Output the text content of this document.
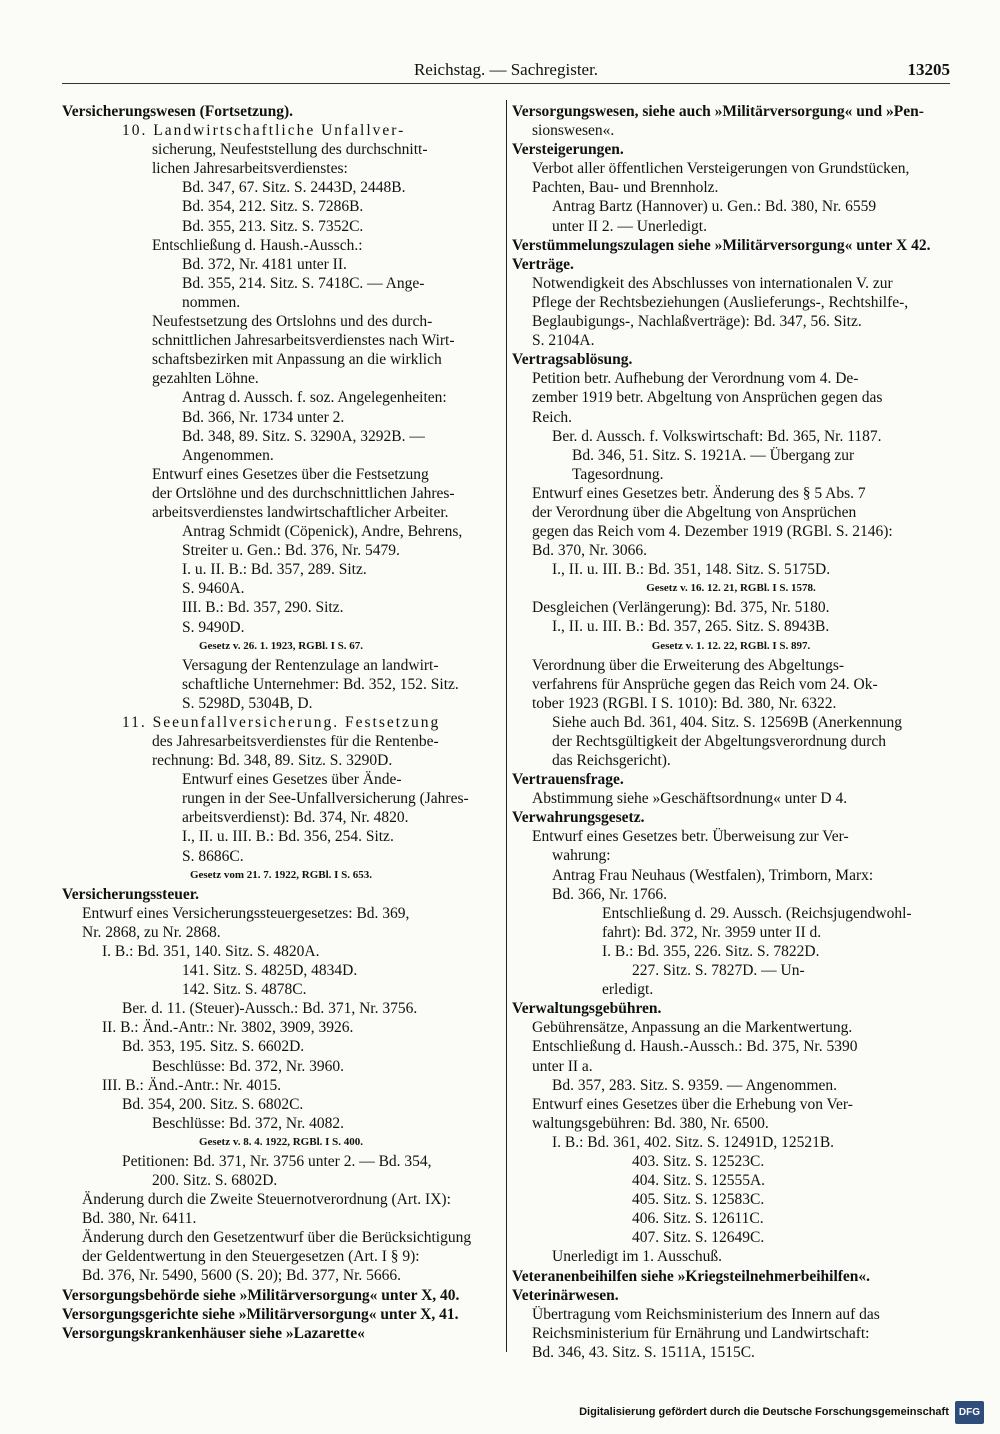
Reichstag. — Sachregister.	13205
Versicherungswesen (Fortsetzung).
10. Landwirtschaftliche Unfallver-
sicherung, Neufeststellung des durchschnitt-
lichen Jahresarbeitsverdienstes:
Bd. 347, 67. Sitz. S. 2443D, 2448B.
Bd. 354, 212. Sitz. S. 7286B.
Bd. 355, 213. Sitz. S. 7352C.
Entschließung d. Haush.-Aussch.:
Bd. 372, Nr. 4181 unter II.
Bd. 355, 214. Sitz. S. 7418C. — Ange-
nommen.
Neufestsetzung des Ortslohns und des durch-
schnittlichen Jahresarbeitsverdienstes nach Wirt-
schaftsbezirken mit Anpassung an die wirklich
gezahlten Löhne.
Antrag d. Aussch. f. soz. Angelegenheiten:
Bd. 366, Nr. 1734 unter 2.
Bd. 348, 89. Sitz. S. 3290A, 3292B. —
Angenommen.
Entwurf eines Gesetzes über die Festsetzung
der Ortslöhne und des durchschnittlichen Jahres-
arbeitsverdienstes landwirtschaftlicher Arbeiter.
Antrag Schmidt (Cöpenick), Andre, Behrens,
Streiter u. Gen.: Bd. 376, Nr. 5479.
I. u. II. B.: Bd. 357, 289. Sitz.
S. 9460A.
III. B.: Bd. 357, 290. Sitz.
S. 9490D.
Gesetz v. 26. 1. 1923, RGBl. I S. 67.
Versagung der Rentenzulage an landwirt-
schaftliche Unternehmer: Bd. 352, 152. Sitz.
S. 5298D, 5304B, D.
11. Seeunfallversicherung. Festsetzung
des Jahresarbeitsverdienstes für die Rentenbe-
rechnung: Bd. 348, 89. Sitz. S. 3290D.
Entwurf eines Gesetzes über Ände-
rungen in der See-Unfallversicherung (Jahres-
arbeitsverdienst): Bd. 374, Nr. 4820.
I., II. u. III. B.: Bd. 356, 254. Sitz.
S. 8686C.
Gesetz vom 21. 7. 1922, RGBl. I S. 653.
Versicherungssteuer.
Entwurf eines Versicherungssteuergesetzes: Bd. 369,
Nr. 2868, zu Nr. 2868.
I. B.: Bd. 351, 140. Sitz. S. 4820A.
141. Sitz. S. 4825D, 4834D.
142. Sitz. S. 4878C.
Ber. d. 11. (Steuer)-Aussch.: Bd. 371, Nr. 3756.
II. B.: Änd.-Antr.: Nr. 3802, 3909, 3926.
Bd. 353, 195. Sitz. S. 6602D.
Beschlüsse: Bd. 372, Nr. 3960.
III. B.: Änd.-Antr.: Nr. 4015.
Bd. 354, 200. Sitz. S. 6802C.
Beschlüsse: Bd. 372, Nr. 4082.
Gesetz v. 8. 4. 1922, RGBl. I S. 400.
Petitionen: Bd. 371, Nr. 3756 unter 2. — Bd. 354,
200. Sitz. S. 6802D.
Änderung durch die Zweite Steuernotverordnung (Art. IX):
Bd. 380, Nr. 6411.
Änderung durch den Gesetzentwurf über die Berücksichtigung
der Geldentwertung in den Steuergesetzen (Art. I § 9):
Bd. 376, Nr. 5490, 5600 (S. 20); Bd. 377, Nr. 5666.
Versorgungsbehörde siehe »Militärversorgung« unter X, 40.
Versorgungsgerichte siehe »Militärversorgung« unter X, 41.
Versorgungskrankenhäuser siehe »Lazarette«
Versorgungswesen, siehe auch »Militärversorgung« und »Pen-
sionswesen«.
Versteigerungen.
Verbot aller öffentlichen Versteigerungen von Grundstücken,
Pachten, Bau- und Brennholz.
Antrag Bartz (Hannover) u. Gen.: Bd. 380, Nr. 6559
unter II 2. — Unerledigt.
Verstümmelungszulagen siehe »Militärversorgung« unter X 42.
Verträge.
Notwendigkeit des Abschlusses von internationalen V. zur
Pflege der Rechtsbeziehungen (Auslieferungs-, Rechtshilfe-,
Beglaubigungs-, Nachlaßverträge): Bd. 347, 56. Sitz.
S. 2104A.
Vertragsablösung.
Petition betr. Aufhebung der Verordnung vom 4. De-
zember 1919 betr. Abgeltung von Ansprüchen gegen das
Reich.
Ber. d. Aussch. f. Volkswirtschaft: Bd. 365, Nr. 1187.
Bd. 346, 51. Sitz. S. 1921A. — Übergang zur
Tagesordnung.
Entwurf eines Gesetzes betr. Änderung des § 5 Abs. 7
der Verordnung über die Abgeltung von Ansprüchen
gegen das Reich vom 4. Dezember 1919 (RGBl. S. 2146):
Bd. 370, Nr. 3066.
I., II. u. III. B.: Bd. 351, 148. Sitz. S. 5175D.
Gesetz v. 16. 12. 21, RGBl. I S. 1578.
Desgleichen (Verlängerung): Bd. 375, Nr. 5180.
I., II. u. III. B.: Bd. 357, 265. Sitz. S. 8943B.
Gesetz v. 1. 12. 22, RGBl. I S. 897.
Verordnung über die Erweiterung des Abgeltungs-
verfahrens für Ansprüche gegen das Reich vom 24. Ok-
tober 1923 (RGBl. I S. 1010): Bd. 380, Nr. 6322.
Siehe auch Bd. 361, 404. Sitz. S. 12569B (Anerkennung
der Rechtsgültigkeit der Abgeltungsverordnung durch
das Reichsgericht).
Vertrauensfrage.
Abstimmung siehe »Geschäftsordnung« unter D 4.
Verwahrungsgesetz.
Entwurf eines Gesetzes betr. Überweisung zur Ver-
wahrung:
Antrag Frau Neuhaus (Westfalen), Trimborn, Marx:
Bd. 366, Nr. 1766.
Entschließung d. 29. Aussch. (Reichsjugendwohl-
fahrt): Bd. 372, Nr. 3959 unter II d.
I. B.: Bd. 355, 226. Sitz. S. 7822D.
227. Sitz. S. 7827D. — Un-
erledigt.
Verwaltungsgebühren.
Gebührensätze, Anpassung an die Markentwertung.
Entschließung d. Haush.-Aussch.: Bd. 375, Nr. 5390
unter II a.
Bd. 357, 283. Sitz. S. 9359. — Angenommen.
Entwurf eines Gesetzes über die Erhebung von Ver-
waltungsgebühren: Bd. 380, Nr. 6500.
I. B.: Bd. 361, 402. Sitz. S. 12491D, 12521B.
403. Sitz. S. 12523C.
404. Sitz. S. 12555A.
405. Sitz. S. 12583C.
406. Sitz. S. 12611C.
407. Sitz. S. 12649C.
Unerledigt im 1. Ausschuß.
Veteranenbeihilfen siehe »Kriegsteilnehmerbeihilfen«.
Veterinärwesen.
Übertragung vom Reichsministerium des Innern auf das
Reichsministerium für Ernährung und Landwirtschaft:
Bd. 346, 43. Sitz. S. 1511A, 1515C.
Digitalisierung gefördert durch die Deutsche Forschungsgemeinschaft	DFG
